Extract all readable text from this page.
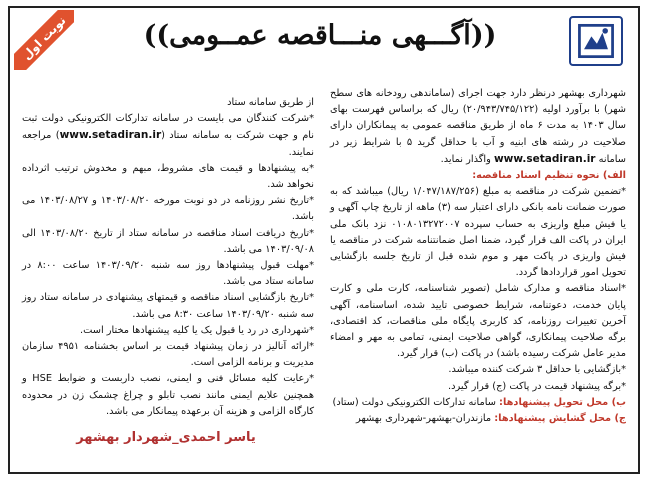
نوبت اول	((آگـــهی منـــاقصه عمــومی))

شهرداری بهشهر درنظر دارد جهت اجرای (ساماندهی رودخانه های سطح شهر) با برآورد اولیه (۲۰/۹۴۳/۷۴۵/۱۲۲) ریال که براساس فهرست بهای سال ۱۴۰۳ به مدت ۶ ماه از طریق مناقصه عمومی به پیمانکاران دارای صلاحیت در رشته های ابنیه و آب با حداقل گرید ۵ با شرایط زیر در سامانه www.setadiran.ir واگذار نماید.

الف) نحوه تنظیم اسناد مناقصه:

*تضمین شرکت در مناقصه به مبلغ (۱/۰۴۷/۱۸۷/۲۵۶ ریال) میباشد که به صورت ضمانت نامه بانکی دارای اعتبار سه (۳) ماهه از تاریخ چاپ آگهی و یا فیش مبلغ واریزی به حساب سپرده ۰۱۰۸۰۱۳۲۷۲۰۰۷ نزد بانک ملی ایران در پاکت الف قرار گیرد، ضمنا اصل ضمانتنامه شرکت در مناقصه یا فیش واریزی در پاکت مهر و موم شده قبل از تاریخ جلسه بازگشایی تحویل امور قراردادها گردد.

*اسناد مناقصه و مدارک شامل (تصویر شناسنامه، کارت ملی و کارت پایان خدمت، دعوتنامه، شرایط خصوصی تایید شده، اساسنامه، آگهی آخرین تغییرات روزنامه، کد کاربری پایگاه ملی مناقصات، کد اقتصادی، برگه صلاحیت پیمانکاری، گواهی صلاحیت ایمنی، تمامی به مهر و امضاء مدیر عامل شرکت رسیده باشد) در پاکت (ب) قرار گیرد.

*بازگشایی با حداقل ۳ شرکت کننده میباشد.

*برگه پیشنهاد قیمت در پاکت (ج) قرار گیرد.

ب) محل تحویل پیشنهادها: سامانه تدارکات الکترونیکی دولت (ستاد)

ج) محل گشایش پیشنهادها: مازندران-بهشهر-شهرداری بهشهر

از طریق سامانه ستاد

*شرکت کنندگان می بایست در سامانه تدارکات الکترونیکی دولت ثبت نام و جهت شرکت به سامانه ستاد (www.setadiran.ir) مراجعه نمایند.

*به پیشنهادها و قیمت های مشروط، مبهم و مخدوش ترتیب اثرداده نخواهد شد.

*تاریخ نشر روزنامه در دو نوبت مورخه ۱۴۰۳/۰۸/۲۰ و ۱۴۰۳/۰۸/۲۷ می باشد.

*تاریخ دریافت اسناد مناقصه در سامانه ستاد از تاریخ ۱۴۰۳/۰۸/۲۰ الی ۱۴۰۳/۰۹/۰۸ می باشد.

*مهلت قبول پیشنهادها روز سه شنبه ۱۴۰۳/۰۹/۲۰ ساعت ۸:۰۰ در سامانه ستاد می باشد.

*تاریخ بازگشایی اسناد مناقصه و قیمتهای پیشنهادی در سامانه ستاد روز سه شنبه ۱۴۰۳/۰۹/۲۰ ساعت ۸:۳۰ می باشد.

*شهرداری در رد یا قبول یک یا کلیه پیشنهادها مختار است.

*ارائه آنالیز در زمان پیشنهاد قیمت بر اساس بخشنامه ۴۹۵۱ سازمان مدیریت و برنامه الزامی است.

*رعایت کلیه مسائل فنی و ایمنی، نصب داربست و ضوابط HSE و همچنین علایم ایمنی مانند نصب تابلو و چراغ چشمک زن در محدوده کارگاه الزامی و هزینه آن برعهده پیمانکار می باشد.

یاسر احمدی_شهردار بهشهر
